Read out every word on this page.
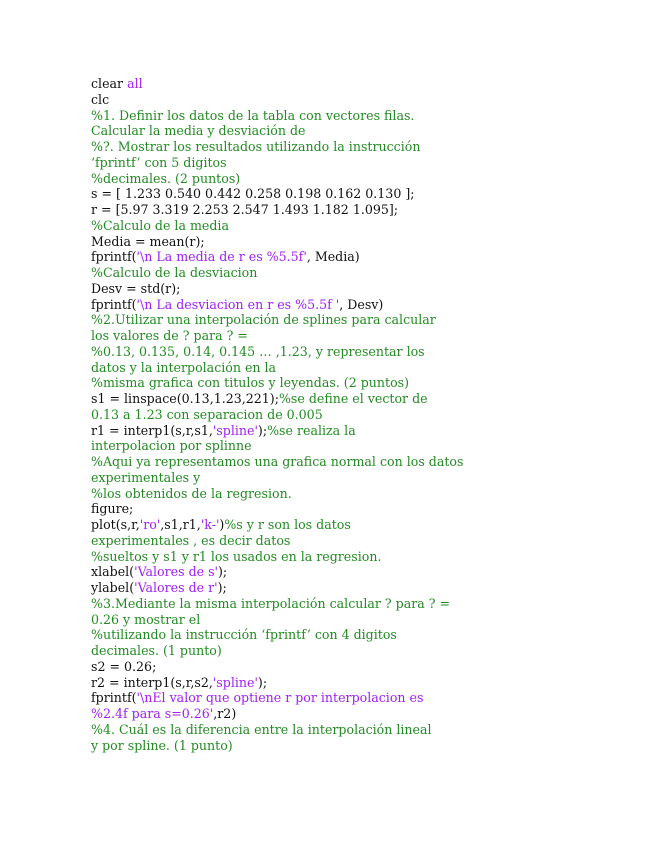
clear all
clc
%1. Definir los datos de la tabla con vectores filas.
Calcular la media y desviación de
%?. Mostrar los resultados utilizando la instrucción
‘fprintf’ con 5 digitos
%decimales. (2 puntos)
s = [ 1.233 0.540 0.442 0.258 0.198 0.162 0.130 ];
r = [5.97 3.319 2.253 2.547 1.493 1.182 1.095];
%Calculo de la media
Media = mean(r);
fprintf('\n La media de r es %5.5f', Media)
%Calculo de la desviacion
Desv = std(r);
fprintf('\n La desviacion en r es %5.5f ', Desv)
%2.Utilizar una interpolación de splines para calcular
los valores de ? para ? =
%0.13, 0.135, 0.14, 0.145 … ,1.23, y representar los
datos y la interpolación en la
%misma grafica con titulos y leyendas. (2 puntos)
s1 = linspace(0.13,1.23,221);%se define el vector de
0.13 a 1.23 con separacion de 0.005
r1 = interp1(s,r,s1,'spline');%se realiza la
interpolacion por splinne
%Aqui ya representamos una grafica normal con los datos
experimentales y
%los obtenidos de la regresion.
figure;
plot(s,r,'ro',s1,r1,'k-')%s y r son los datos
experimentales , es decir datos
%sueltos y s1 y r1 los usados en la regresion.
xlabel('Valores de s');
ylabel('Valores de r');
%3.Mediante la misma interpolación calcular ? para ? =
0.26 y mostrar el
%utilizando la instrucción ‘fprintf’ con 4 digitos
decimales. (1 punto)
s2 = 0.26;
r2 = interp1(s,r,s2,'spline');
fprintf('\nEl valor que optiene r por interpolacion es
%2.4f para s=0.26',r2)
%4. Cuál es la diferencia entre la interpolación lineal
y por spline. (1 punto)
